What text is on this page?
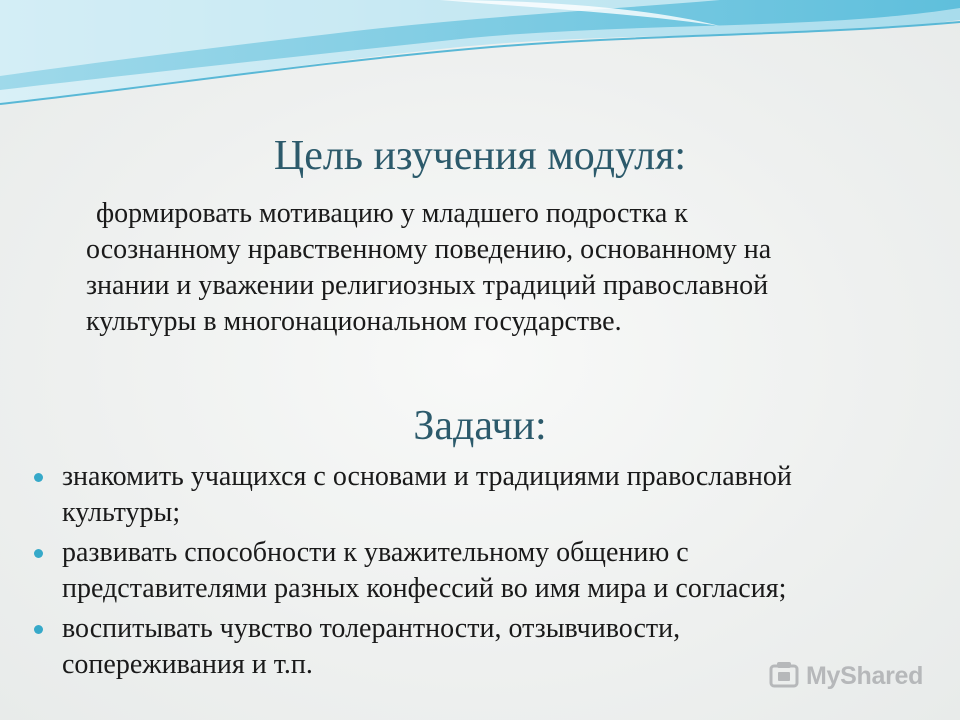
Цель изучения модуля:
формировать мотивацию у младшего подростка к
осознанному нравственному поведению, основанному на
знании и уважении религиозных традиций православной
культуры в многонациональном государстве.
Задачи:
знакомить учащихся с основами и традициями православной
культуры;
развивать способности к уважительному общению с
представителями разных конфессий во имя мира и согласия;
воспитывать чувство толерантности, отзывчивости,
сопереживания и т.п.	MyShared
